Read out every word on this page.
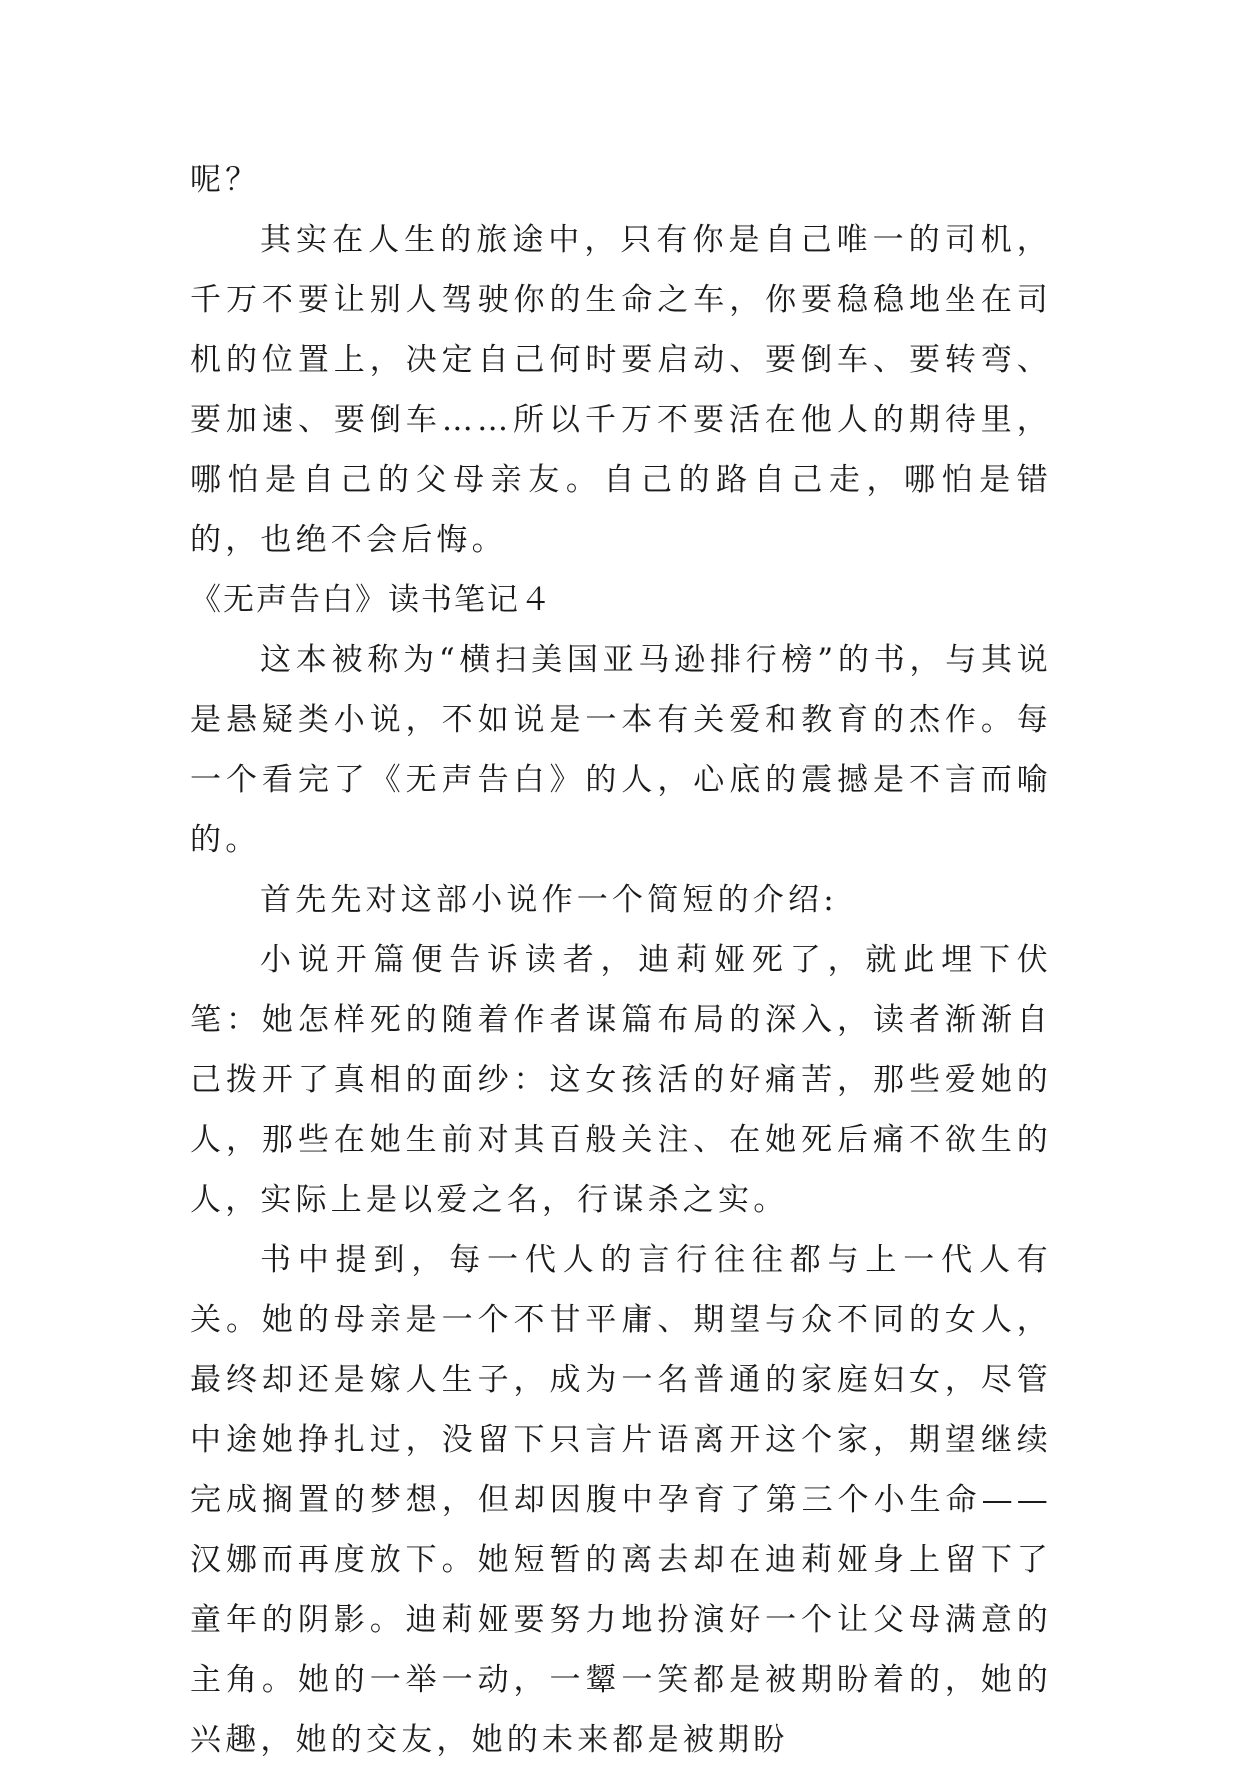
呢？

其实在人生的旅途中，只有你是自己唯一的司机，千万不要让别人驾驶你的生命之车，你要稳稳地坐在司机的位置上，决定自己何时要启动、要倒车、要转弯、要加速、要倒车……所以千万不要活在他人的期待里，哪怕是自己的父母亲友。自己的路自己走，哪怕是错的，也绝不会后悔。

《无声告白》读书笔记４

这本被称为“横扫美国亚马逊排行榜”的书，与其说是悬疑类小说，不如说是一本有关爱和教育的杰作。每一个看完了《无声告白》的人，心底的震撼是不言而喻的。

首先先对这部小说作一个简短的介绍:

小说开篇便告诉读者，迪莉娅死了，就此埋下伏笔：她怎样死的随着作者谋篇布局的深入，读者渐渐自己拨开了真相的面纱：这女孩活的好痛苦，那些爱她的人，那些在她生前对其百般关注、在她死后痛不欲生的人，实际上是以爱之名，行谋杀之实。

书中提到，每一代人的言行往往都与上一代人有关。她的母亲是一个不甘平庸、期望与众不同的女人，最终却还是嫁人生子，成为一名普通的家庭妇女，尽管中途她挣扎过，没留下只言片语离开这个家，期望继续完成搁置的梦想，但却因腹中孕育了第三个小生命——汉娜而再度放下。她短暂的离去却在迪莉娅身上留下了童年的阴影。迪莉娅要努力地扮演好一个让父母满意的主角。她的一举一动，一颦一笑都是被期盼着的，她的兴趣，她的交友，她的未来都是被期盼
